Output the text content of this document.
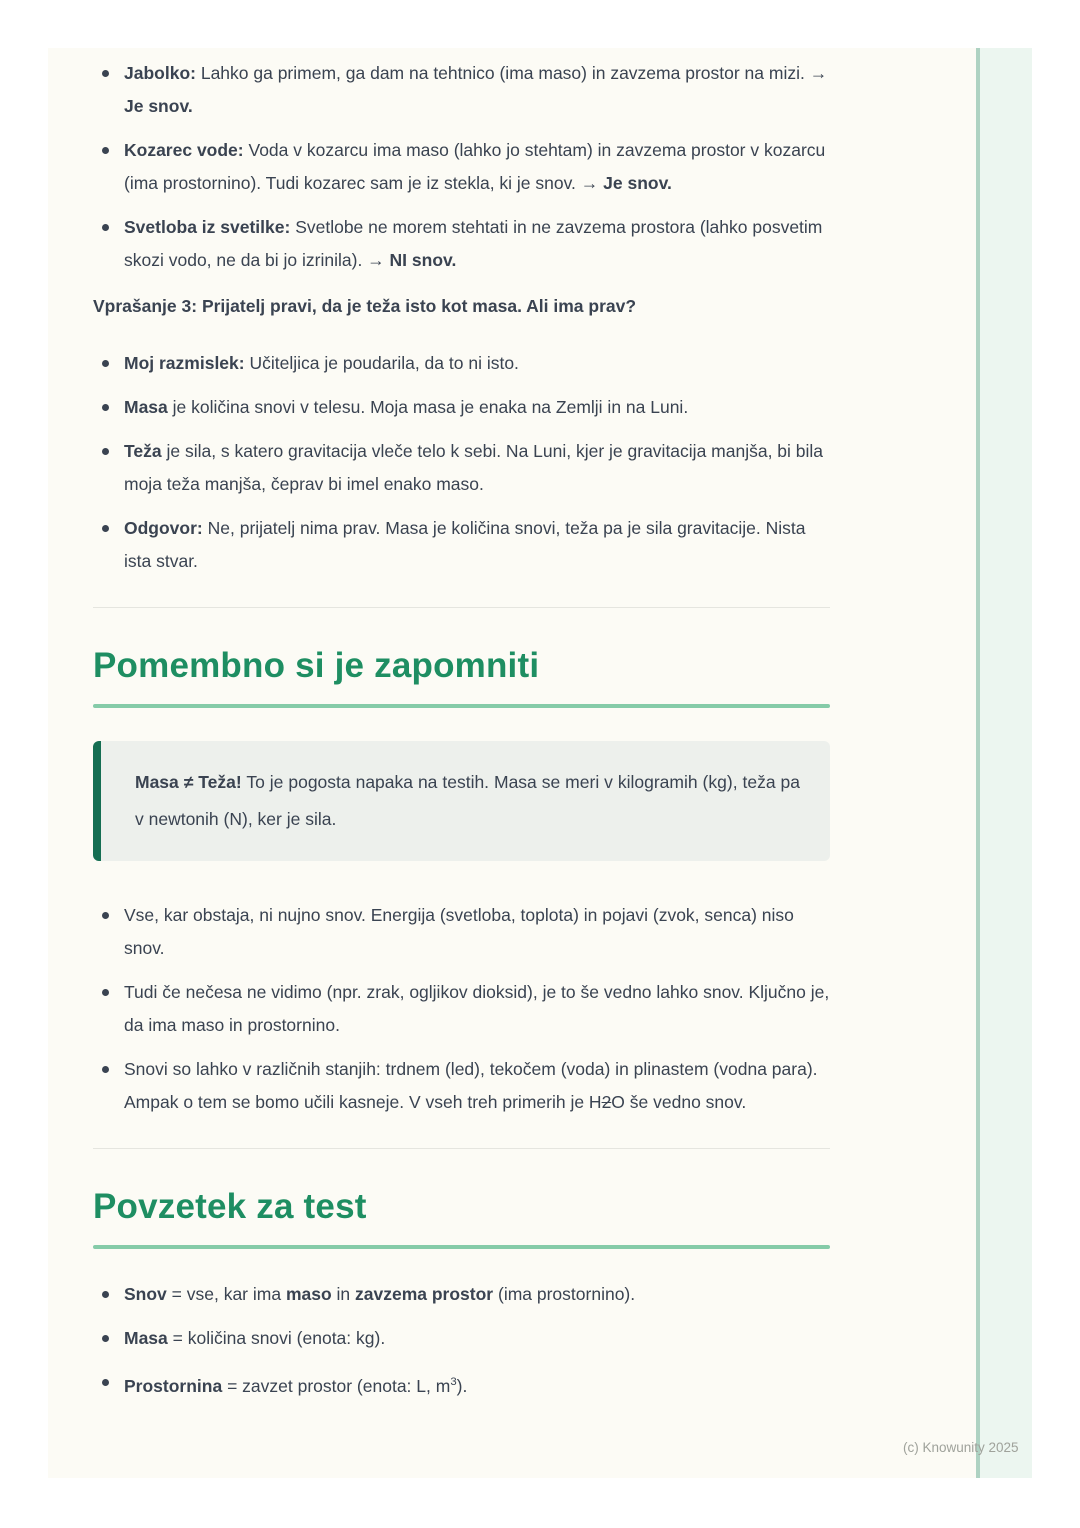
Jabolko: Lahko ga primem, ga dam na tehtnico (ima maso) in zavzema prostor na mizi. → Je snov.
Kozarec vode: Voda v kozarcu ima maso (lahko jo stehtam) in zavzema prostor v kozarcu (ima prostornino). Tudi kozarec sam je iz stekla, ki je snov. → Je snov.
Svetloba iz svetilke: Svetlobe ne morem stehtati in ne zavzema prostora (lahko posvetim skozi vodo, ne da bi jo izrinila). → NI snov.

Vprašanje 3: Prijatelj pravi, da je teža isto kot masa. Ali ima prav?

Moj razmislek: Učiteljica je poudarila, da to ni isto.
Masa je količina snovi v telesu. Moja masa je enaka na Zemlji in na Luni.
Teža je sila, s katero gravitacija vleče telo k sebi. Na Luni, kjer je gravitacija manjša, bi bila moja teža manjša, čeprav bi imel enako maso.
Odgovor: Ne, prijatelj nima prav. Masa je količina snovi, teža pa je sila gravitacije. Nista ista stvar.
Pomembno si je zapomniti

Masa ≠ Teža! To je pogosta napaka na testih. Masa se meri v kilogramih (kg), teža pa v newtonih (N), ker je sila.

Vse, kar obstaja, ni nujno snov. Energija (svetloba, toplota) in pojavi (zvok, senca) niso snov.
Tudi če nečesa ne vidimo (npr. zrak, ogljikov dioksid), je to še vedno lahko snov. Ključno je, da ima maso in prostornino.
Snovi so lahko v različnih stanjih: trdnem (led), tekočem (voda) in plinastem (vodna para). Ampak o tem se bomo učili kasneje. V vseh treh primerih je H2O še vedno snov.
Povzetek za test
Snov = vse, kar ima maso in zavzema prostor (ima prostornino).
Masa = količina snovi (enota: kg).
Prostornina = zavzet prostor (enota: L, $m^3$).
(c) Knowunity 2025
